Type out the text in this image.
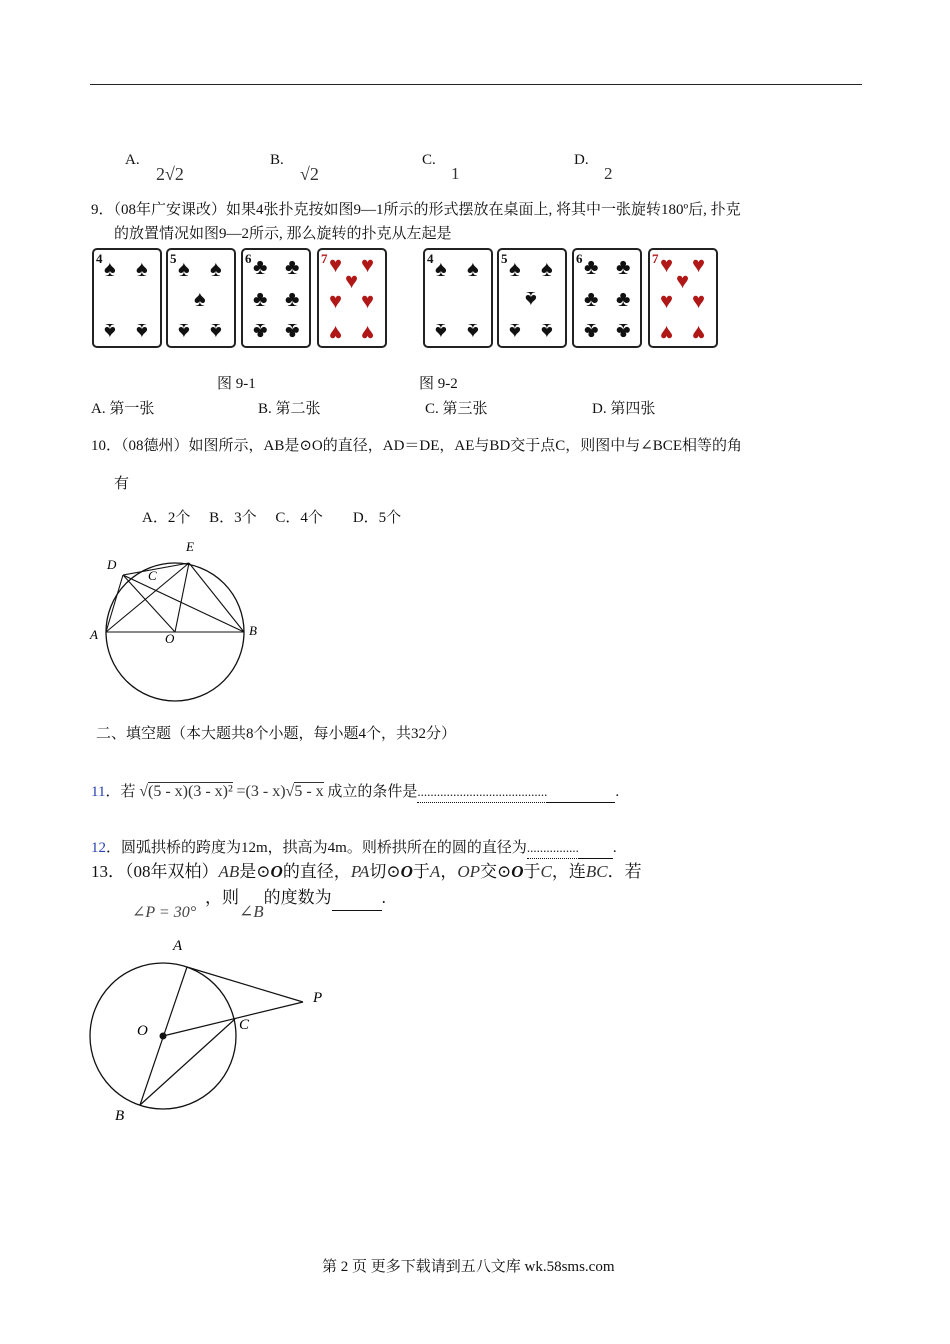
A.
2√2
B.
√2
C.
1
D.
2
9．（08年广安课改）如果4张扑克按如图9—1所示的形式摆放在桌面上, 将其中一张旋转180º后, 扑克
的放置情况如图9—2所示, 那么旋转的扑克从左起是
4 ♠ ♠
♠ ♠
5 ♠ ♠
♠
♠ ♠
6 ♣ ♣
♣ ♣
♣ ♣
7 ♥ ♥
♥
♥ ♥
♥ ♥
4 ♠ ♠
♠ ♠
5 ♠ ♠
♠
♠ ♠
6 ♣ ♣
♣ ♣
♣ ♣
7 ♥ ♥
♥
♥ ♥
♥ ♥
图 9-1	图 9-2
A. 第一张	B. 第二张	C. 第三张	D. 第四张
10．（08德州）如图所示，AB是⊙O的直径，AD＝DE，AE与BD交于点C，则图中与∠BCE相等的角
有
A．2个　 B．3个　 C．4个　　D．5个
A	B
C
D
E
O
二、填空题（本大题共8个小题，每小题4个，共32分）
11．若 √(5 - x)(3 - x)² =(3 - x)√5 - x 成立的条件是........................................	.
12．圆弧拱桥的跨度为12m，拱高为4m。则桥拱所在的圆的直径为................ .
13．（08年双柏）AB是⊙O的直径，PA切⊙O于A，OP交⊙O于C，连BC．若
∠P = 30°
，则∠B的度数为	.
A
B
C
O
P
第 2 页 更多下载请到五八文库 wk.58sms.com
